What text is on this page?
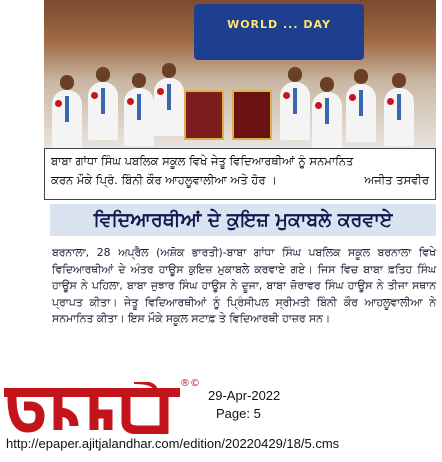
WORLD ... DAY
ਬਾਬਾ ਗਾਂਧਾ ਸਿੰਘ ਪਬਲਿਕ ਸਕੂਲ ਵਿਖੇ ਜੇਤੂ ਵਿਦਿਆਰਥੀਆਂ ਨੂੰ ਸਨਮਾਨਿਤ
ਕਰਨ ਮੌਕੇ ਪ੍ਰਿੰ. ਬਿੰਨੀ ਕੌਰ ਆਹਲੂਵਾਲੀਆ ਅਤੇ ਹੋਰ ।	ਅਜੀਤ ਤਸਵੀਰ
ਵਿਦਿਆਰਥੀਆਂ ਦੇ ਕੁਇਜ਼ ਮੁਕਾਬਲੇ ਕਰਵਾਏ

ਬਰਨਾਲਾ, 28 ਅਪ੍ਰੈਲ (ਅਸ਼ੋਕ ਭਾਰਤੀ)-ਬਾਬਾ ਗਾਂਧਾ ਸਿੰਘ ਪਬਲਿਕ ਸਕੂਲ ਬਰਨਾਲਾ ਵਿਖੇ ਵਿਦਿਆਰਥੀਆਂ ਦੇ ਅੰਤਰ ਹਾਊਸ ਕੁਇਜ਼ ਮੁਕਾਬਲੇ ਕਰਵਾਏ ਗਏ। ਜਿਸ ਵਿਚ ਬਾਬਾ ਫ਼ਤਿਹ ਸਿੰਘ ਹਾਊਸ ਨੇ ਪਹਿਲਾ, ਬਾਬਾ ਜੁਝਾਰ ਸਿੰਘ ਹਾਊਸ ਨੇ ਦੂਜਾ, ਬਾਬਾ ਜ਼ੋਰਾਵਰ ਸਿੰਘ ਹਾਊਸ ਨੇ ਤੀਜਾ ਸਥਾਨ ਪ੍ਰਾਪਤ ਕੀਤਾ। ਜੇਤੂ ਵਿਦਿਆਰਥੀਆਂ ਨੂੰ ਪ੍ਰਿੰਸੀਪਲ ਸ੍ਰੀਮਤੀ ਬਿੰਨੀ ਕੌਰ ਆਹਲੂਵਾਲੀਆ ਨੇ ਸਨਮਾਨਿਤ ਕੀਤਾ। ਇਸ ਮੌਕੇ ਸਕੂਲ ਸਟਾਫ਼ ਤੇ ਵਿਦਿਆਰਥੀ ਹਾਜ਼ਰ ਸਨ।

®©
29-Apr-2022
Page: 5
http://epaper.ajitjalandhar.com/edition/20220429/18/5.cms
